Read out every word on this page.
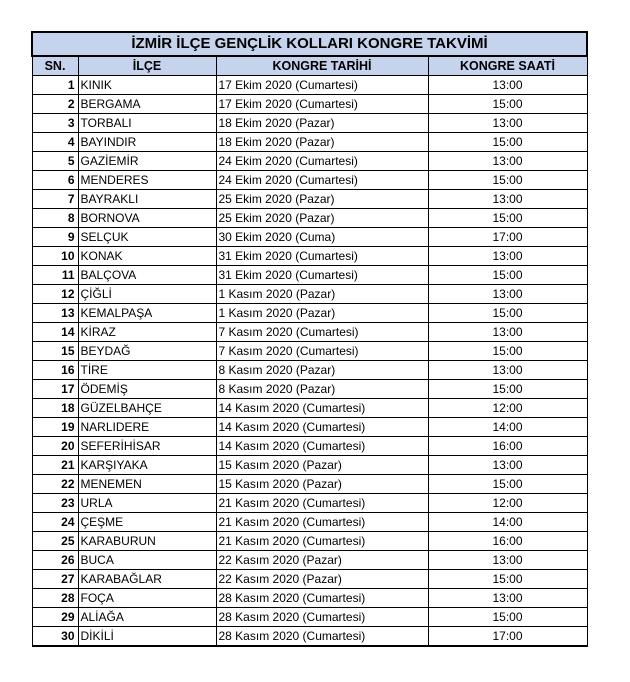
İZMİR İLÇE GENÇLİK KOLLARI KONGRE TAKVİMİ			
SN.	İLÇE	KONGRE TARİHİ	KONGRE SAATİ
1	KINIK	17 Ekim 2020 (Cumartesi)	13:00
2	BERGAMA	17 Ekim 2020 (Cumartesi)	15:00
3	TORBALI	18 Ekim 2020 (Pazar)	13:00
4	BAYINDIR	18 Ekim 2020 (Pazar)	15:00
5	GAZİEMİR	24 Ekim 2020 (Cumartesi)	13:00
6	MENDERES	24 Ekim 2020 (Cumartesi)	15:00
7	BAYRAKLI	25 Ekim 2020 (Pazar)	13:00
8	BORNOVA	25 Ekim 2020 (Pazar)	15:00
9	SELÇUK	30 Ekim 2020 (Cuma)	17:00
10	KONAK	31 Ekim 2020 (Cumartesi)	13:00
11	BALÇOVA	31 Ekim 2020 (Cumartesi)	15:00
12	ÇİĞLİ	1 Kasım 2020 (Pazar)	13:00
13	KEMALPAŞA	1 Kasım 2020 (Pazar)	15:00
14	KİRAZ	7 Kasım 2020 (Cumartesi)	13:00
15	BEYDAĞ	7 Kasım 2020 (Cumartesi)	15:00
16	TİRE	8 Kasım 2020 (Pazar)	13:00
17	ÖDEMİŞ	8 Kasım 2020 (Pazar)	15:00
18	GÜZELBAHÇE	14 Kasım 2020 (Cumartesi)	12:00
19	NARLIDERE	14 Kasım 2020 (Cumartesi)	14:00
20	SEFERİHİSAR	14 Kasım 2020 (Cumartesi)	16:00
21	KARŞIYAKA	15 Kasım 2020 (Pazar)	13:00
22	MENEMEN	15 Kasım 2020 (Pazar)	15:00
23	URLA	21 Kasım 2020 (Cumartesi)	12:00
24	ÇEŞME	21 Kasım 2020 (Cumartesi)	14:00
25	KARABURUN	21 Kasım 2020 (Cumartesi)	16:00
26	BUCA	22 Kasım 2020 (Pazar)	13:00
27	KARABAĞLAR	22 Kasım 2020 (Pazar)	15:00
28	FOÇA	28 Kasım 2020 (Cumartesi)	13:00
29	ALİAĞA	28 Kasım 2020 (Cumartesi)	15:00
30	DİKİLİ	28 Kasım 2020 (Cumartesi)	17:00
